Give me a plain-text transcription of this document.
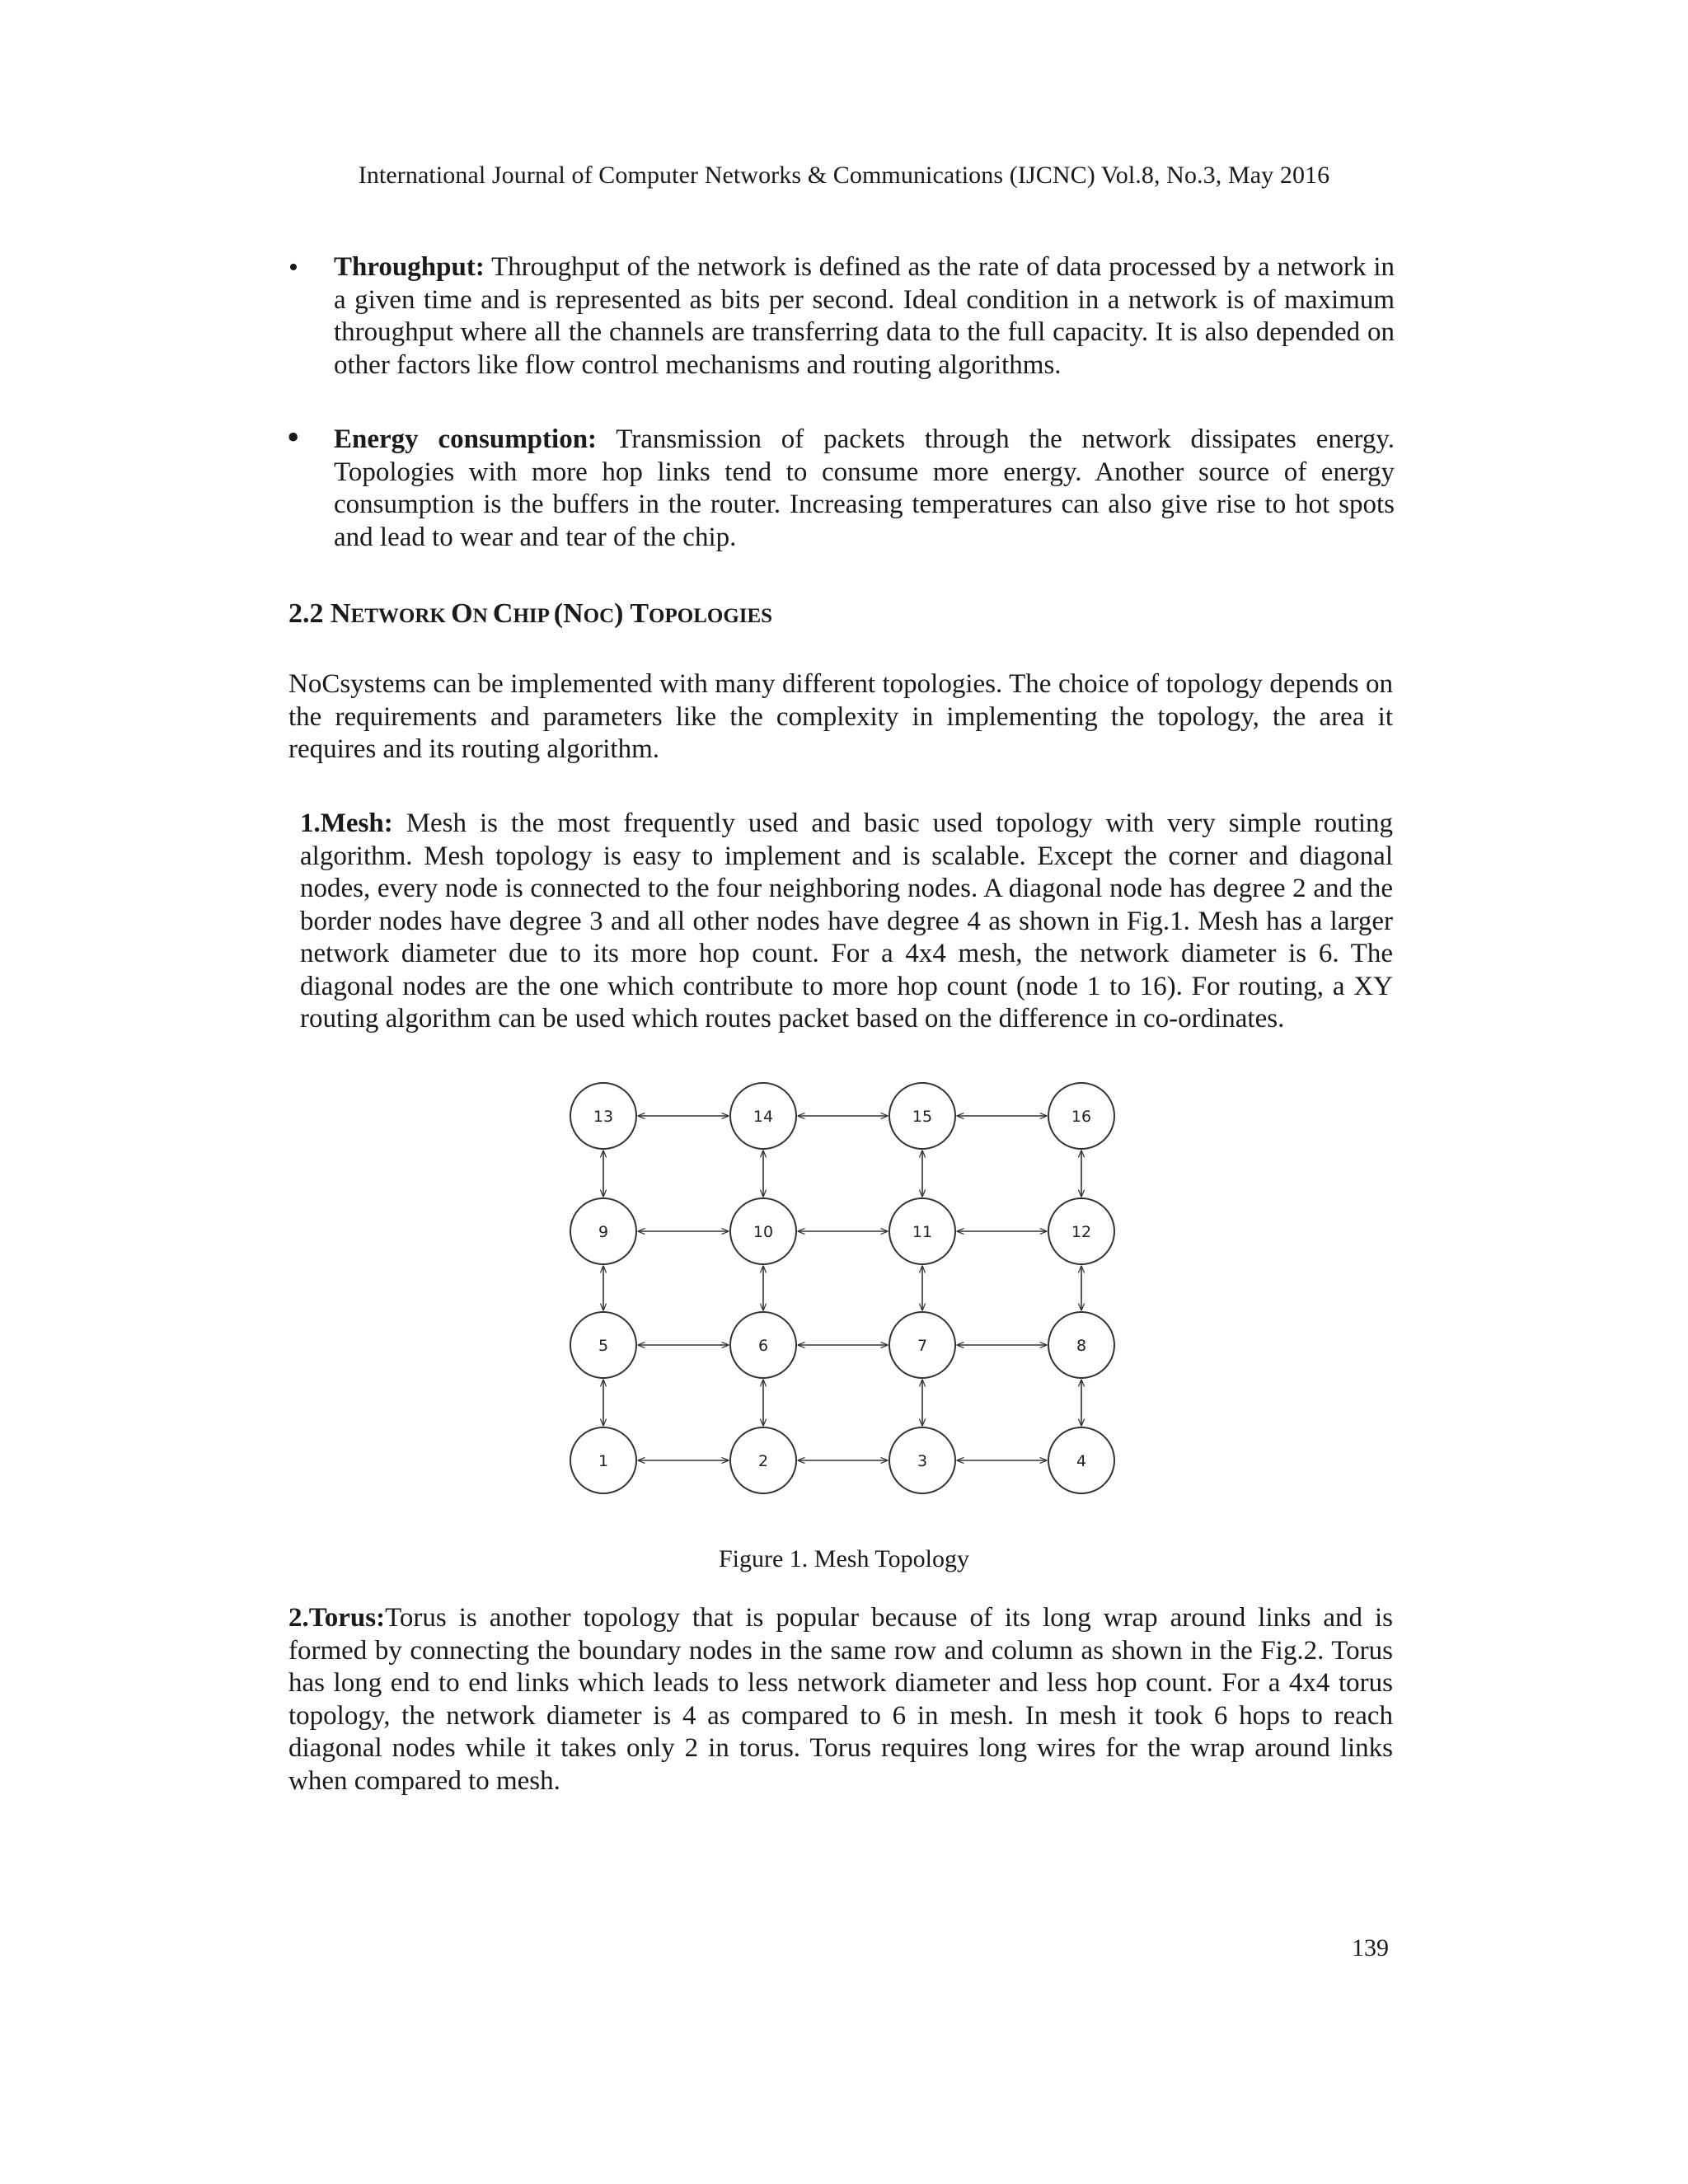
International Journal of Computer Networks & Communications (IJCNC) Vol.8, No.3, May 2016
• Throughput: Throughput of the network is defined as the rate of data processed by a network in a given time and is represented as bits per second. Ideal condition in a network is of maximum throughput where all the channels are transferring data to the full capacity. It is also depended on other factors like flow control mechanisms and routing algorithms.
• Energy consumption: Transmission of packets through the network dissipates energy. Topologies with more hop links tend to consume more energy. Another source of energy consumption is the buffers in the router. Increasing temperatures can also give rise to hot spots and lead to wear and tear of the chip.
2.2 NETWORK ON CHIP (NOC) TOPOLOGIES
NoCsystems can be implemented with many different topologies. The choice of topology depends on the requirements and parameters like the complexity in implementing the topology, the area it requires and its routing algorithm.
1.Mesh: Mesh is the most frequently used and basic used topology with very simple routing algorithm. Mesh topology is easy to implement and is scalable. Except the corner and diagonal nodes, every node is connected to the four neighboring nodes. A diagonal node has degree 2 and the border nodes have degree 3 and all other nodes have degree 4 as shown in Fig.1. Mesh has a larger network diameter due to its more hop count. For a 4x4 mesh, the network diameter is 6. The diagonal nodes are the one which contribute to more hop count (node 1 to 16). For routing, a XY routing algorithm can be used which routes packet based on the difference in co-ordinates.
13	14	15	16
9	10	11	12
5	6	7	8
1	2	3	4
Figure 1. Mesh Topology
2.Torus:Torus is another topology that is popular because of its long wrap around links and is formed by connecting the boundary nodes in the same row and column as shown in the Fig.2. Torus has long end to end links which leads to less network diameter and less hop count. For a 4x4 torus topology, the network diameter is 4 as compared to 6 in mesh. In mesh it took 6 hops to reach diagonal nodes while it takes only 2 in torus. Torus requires long wires for the wrap around links when compared to mesh.
139
